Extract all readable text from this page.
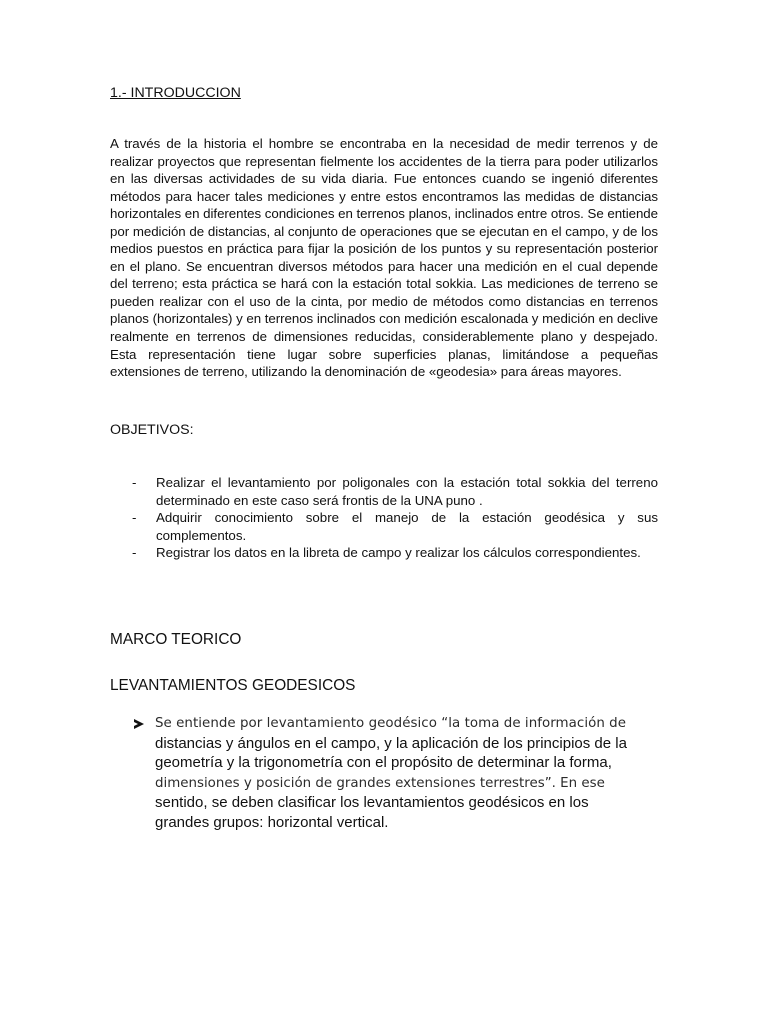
1.- INTRODUCCION

A través de la historia el hombre se encontraba en la necesidad de medir terrenos y de realizar proyectos que representan fielmente los accidentes de la tierra para poder utilizarlos en las diversas actividades de su vida diaria. Fue entonces cuando se ingenió diferentes métodos para hacer tales mediciones y entre estos encontramos las medidas de distancias horizontales en diferentes condiciones en terrenos planos, inclinados entre otros. Se entiende por medición de distancias, al conjunto de operaciones que se ejecutan en el campo, y de los medios puestos en práctica para fijar la posición de los puntos y su representación posterior en el plano. Se encuentran diversos métodos para hacer una medición en el cual depende del terreno; esta práctica se hará con la estación total sokkia. Las mediciones de terreno se pueden realizar con el uso de la cinta, por medio de métodos como distancias en terrenos planos (horizontales) y en terrenos inclinados con medición escalonada y medición en declive realmente en terrenos de dimensiones reducidas, considerablemente plano y despejado. Esta representación tiene lugar sobre superficies planas, limitándose a pequeñas extensiones de terreno, utilizando la denominación de «geodesia» para áreas mayores.

OBJETIVOS:

- Realizar el levantamiento por poligonales con la estación total sokkia del terreno determinado en este caso será frontis de la UNA puno .
- Adquirir conocimiento sobre el manejo de la estación geodésica y sus complementos.
- Registrar los datos en la libreta de campo y realizar los cálculos correspondientes.

MARCO TEORICO

LEVANTAMIENTOS GEODESICOS

Se entiende por levantamiento geodésico “la toma de información de
distancias y ángulos en el campo, y la aplicación de los principios de la
geometría y la trigonometría con el propósito de determinar la forma,
dimensiones y posición de grandes extensiones terrestres”. En ese
sentido, se deben clasificar los levantamientos geodésicos en los
grandes grupos: horizontal vertical.
